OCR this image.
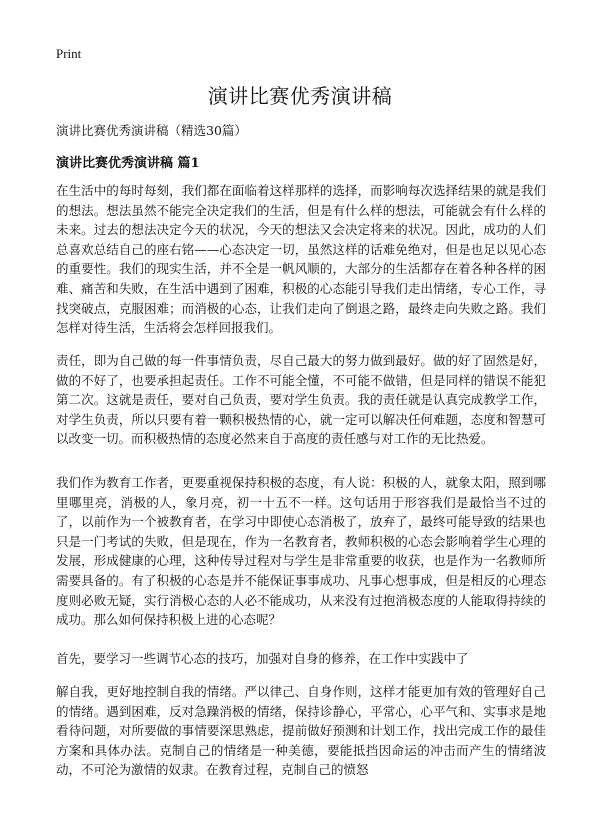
Print
演讲比赛优秀演讲稿
演讲比赛优秀演讲稿（精选30篇）
演讲比赛优秀演讲稿 篇1

在生活中的每时每刻，我们都在面临着这样那样的选择，而影响每次选择结果的就是我们的想法。想法虽然不能完全决定我们的生活，但是有什么样的想法，可能就会有什么样的未来。过去的想法决定今天的状况，今天的想法又会决定将来的状况。因此，成功的人们总喜欢总结自己的座右铭——心态决定一切，虽然这样的话难免绝对，但是也足以见心态的重要性。我们的现实生活，并不全是一帆风顺的，大部分的生活都存在着各种各样的困难、痛苦和失败，在生活中遇到了困难，积极的心态能引导我们走出情绪，专心工作，寻找突破点，克服困难；而消极的心态，让我们走向了倒退之路，最终走向失败之路。我们怎样对待生活，生活将会怎样回报我们。

责任，即为自己做的每一件事情负责，尽自己最大的努力做到最好。做的好了固然是好，做的不好了，也要承担起责任。工作不可能全懂，不可能不做错，但是同样的错误不能犯第二次。这就是责任，要对自己负责，要对学生负责。我的责任就是认真完成教学工作，对学生负责，所以只要有着一颗积极热情的心，就一定可以解决任何难题，态度和智慧可以改变一切。而积极热情的态度必然来自于高度的责任感与对工作的无比热爱。

我们作为教育工作者，更要重视保持积极的态度，有人说：积极的人，就象太阳，照到哪里哪里亮，消极的人，象月亮，初一十五不一样。这句话用于形容我们是最恰当不过的了，以前作为一个被教育者，在学习中即使心态消极了，放弃了，最终可能导致的结果也只是一门考试的失败，但是现在，作为一名教育者，教师积极的心态会影响着学生心理的发展，形成健康的心理，这种传导过程对与学生是非常重要的收获，也是作为一名教师所需要具备的。有了积极的心态是并不能保证事事成功、凡事心想事成，但是相反的心理态度则必败无疑，实行消极心态的人必不能成功，从来没有过抱消极态度的人能取得持续的成功。那么如何保持积极上进的心态呢？

首先，要学习一些调节心态的技巧，加强对自身的修养，在工作中实践中了

解自我，更好地控制自我的情绪。严以律己、自身作则，这样才能更加有效的管理好自己的情绪。遇到困难，反对急躁消极的情绪，保持诊静心，平常心，心平气和、实事求是地看待问题，对所要做的事情要深思熟虑，提前做好预测和计划工作，找出完成工作的最佳方案和具体办法。克制自己的情绪是一种美德，要能抵挡因命运的冲击而产生的情绪波动，不可沦为激情的奴隶。在教育过程，克制自己的愤怒
